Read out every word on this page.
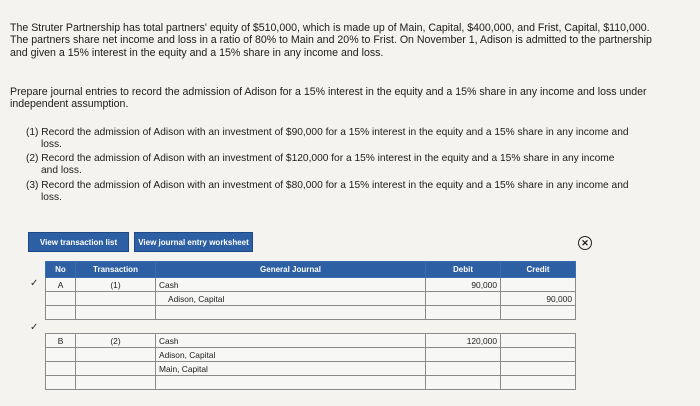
The Struter Partnership has total partners' equity of $510,000, which is made up of Main, Capital, $400,000, and Frist, Capital, $110,000. The partners share net income and loss in a ratio of 80% to Main and 20% to Frist. On November 1, Adison is admitted to the partnership and given a 15% interest in the equity and a 15% share in any income and loss.

Prepare journal entries to record the admission of Adison for a 15% interest in the equity and a 15% share in any income and loss under independent assumption.

(1) Record the admission of Adison with an investment of $90,000 for a 15% interest in the equity and a 15% share in any income and
loss.

(2) Record the admission of Adison with an investment of $120,000 for a 15% interest in the equity and a 15% share in any income
and loss.

(3) Record the admission of Adison with an investment of $80,000 for a 15% interest in the equity and a 15% share in any income and
loss.

View transaction list	View journal entry worksheet	✕
✓
✓
No	Transaction	General Journal	Debit	Credit
A	(1)	Cash	90,000	
		Adison, Capital		90,000

B	(2)	Cash	120,000	
		Adison, Capital		
		Main, Capital		
